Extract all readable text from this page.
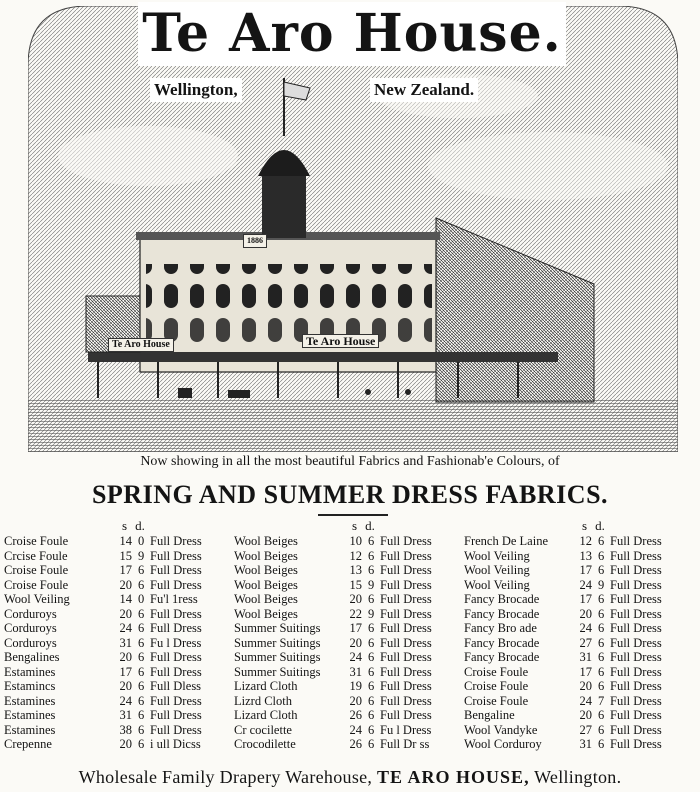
Te Aro House.
Wellington,	New Zealand.
Te Aro House	Te Aro House
1886
Now showing in all the most beautiful Fabrics and Fashionab'e Colours, of
SPRING AND SUMMER DRESS FABRICS.
s d.
Croise Foule	14 0 Full Dress
Crcise Foule	15 9 Full Dress
Croise Foule	17 6 Full Dress
Croise Foule	20 6 Full Dress
Wool Veiling	14 0 Fu'l 1ress
Corduroys	20 6 Full Dress
Corduroys	24 6 Full Dress
Corduroys	31 6 Fu l Dress
Bengalines	20 6 Full Dress
Estamines	17 6 Full Dress
Estamincs	20 6 Full Dless
Estamines	24 6 Full Dress
Estamines	31 6 Full Dress
Estamines	38 6 Full Dress
Crepenne	20 6 i ull Dicss
s d.
Wool Beiges	10 6 Full Dress
Wool Beiges	12 6 Full Dress
Wool Beiges	13 6 Full Dress
Wool Beiges	15 9 Full Dress
Wool Beiges	20 6 Full Dress
Wool Beiges	22 9 Full Dress
Summer Suitings	17 6 Full Dress
Summer Suitings	20 6 Full Dress
Summer Suitings	24 6 Full Dress
Summer Suitings	31 6 Full Dress
Lizard Cloth	19 6 Full Dress
Lizrd Cloth	20 6 Full Dress
Lizard Cloth	26 6 Full Dress
Cr cocilette	24 6 Fu l Dress
Crocodilette	26 6 Full Dr ss
s d.
French De Laine	12 6 Full Dress
Wool Veiling	13 6 Full Dress
Wool Veiling	17 6 Full Dress
Wool Veiling	24 9 Full Dress
Fancy Brocade	17 6 Full Dress
Fancy Brocade	20 6 Full Dress
Fancy Bro ade	24 6 Full Dress
Fancy Brocade	27 6 Full Dress
Fancy Brocade	31 6 Full Dress
Croise Foule	17 6 Full Dress
Croise Foule	20 6 Full Dress
Croise Foule	24 7 Full Dress
Bengaline	20 6 Full Dress
Wool Vandyke	27 6 Full Dress
Wool Corduroy	31 6 Full Dress
Wholesale Family Drapery Warehouse, TE ARO HOUSE, Wellington.
